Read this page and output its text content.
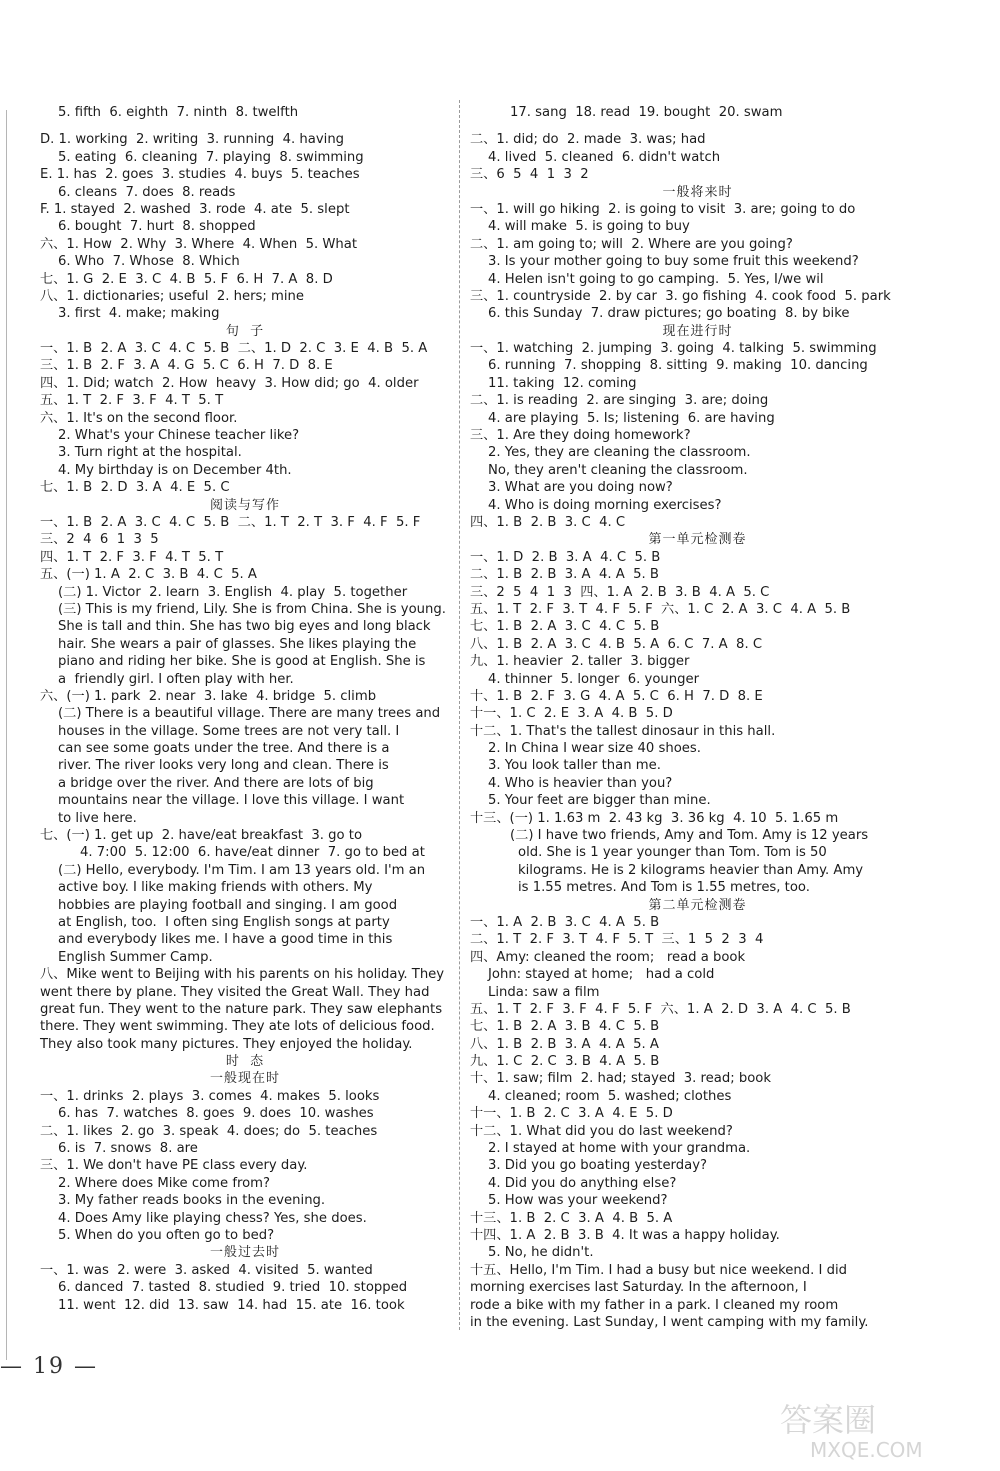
5. fifth  6. eighth  7. ninth  8. twelfth
D. 1. working  2. writing  3. running  4. having
5. eating  6. cleaning  7. playing  8. swimming
E. 1. has  2. goes  3. studies  4. buys  5. teaches
6. cleans  7. does  8. reads
F. 1. stayed  2. washed  3. rode  4. ate  5. slept
6. bought  7. hurt  8. shopped
六、1. How  2. Why  3. Where  4. When  5. What
6. Who  7. Whose  8. Which
七、1. G  2. E  3. C  4. B  5. F  6. H  7. A  8. D
八、1. dictionaries; useful  2. hers; mine
3. first  4. make; making
句  子
一、1. B  2. A  3. C  4. C  5. B  二、1. D  2. C  3. E  4. B  5. A
三、1. B  2. F  3. A  4. G  5. C  6. H  7. D  8. E
四、1. Did; watch  2. How  heavy  3. How did; go  4. older
五、1. T  2. F  3. F  4. T  5. T
六、1. It's on the second floor.
2. What's your Chinese teacher like?
3. Turn right at the hospital.
4. My birthday is on December 4th.
七、1. B  2. D  3. A  4. E  5. C
阅读与写作
一、1. B  2. A  3. C  4. C  5. B  二、1. T  2. T  3. F  4. F  5. F
三、2  4  6  1  3  5
四、1. T  2. F  3. F  4. T  5. T
五、(一) 1. A  2. C  3. B  4. C  5. A
(二) 1. Victor  2. learn  3. English  4. play  5. together
(三) This is my friend, Lily. She is from China. She is young.
She is tall and thin. She has two big eyes and long black
hair. She wears a pair of glasses. She likes playing the
piano and riding her bike. She is good at English. She is
a  friendly girl. I often play with her.
六、(一) 1. park  2. near  3. lake  4. bridge  5. climb
(二) There is a beautiful village. There are many trees and
houses in the village. Some trees are not very tall. I
can see some goats under the tree. And there is a
river. The river looks very long and clean. There is
a bridge over the river. And there are lots of big
mountains near the village. I love this village. I want
to live here.
七、(一) 1. get up  2. have/eat breakfast  3. go to
4. 7:00  5. 12:00  6. have/eat dinner  7. go to bed at
(二) Hello, everybody. I'm Tim. I am 13 years old. I'm an
active boy. I like making friends with others. My
hobbies are playing football and singing. I am good
at English, too.  I often sing English songs at party
and everybody likes me. I have a good time in this
English Summer Camp.
八、Mike went to Beijing with his parents on his holiday. They
went there by plane. They visited the Great Wall. They had
great fun. They went to the nature park. They saw elephants
there. They went swimming. They ate lots of delicious food.
They also took many pictures. They enjoyed the holiday.
时  态
一般现在时
一、1. drinks  2. plays  3. comes  4. makes  5. looks
6. has  7. watches  8. goes  9. does  10. washes
二、1. likes  2. go  3. speak  4. does; do  5. teaches
6. is  7. snows  8. are
三、1. We don't have PE class every day.
2. Where does Mike come from?
3. My father reads books in the evening.
4. Does Amy like playing chess? Yes, she does.
5. When do you often go to bed?
一般过去时
一、1. was  2. were  3. asked  4. visited  5. wanted
6. danced  7. tasted  8. studied  9. tried  10. stopped
11. went  12. did  13. saw  14. had  15. ate  16. took
17. sang  18. read  19. bought  20. swam
二、1. did; do  2. made  3. was; had
4. lived  5. cleaned  6. didn't watch
三、6  5  4  1  3  2
一般将来时
一、1. will go hiking  2. is going to visit  3. are; going to do
4. will make  5. is going to buy
二、1. am going to; will  2. Where are you going?
3. Is your mother going to buy some fruit this weekend?
4. Helen isn't going to go camping.  5. Yes, I/we wil
三、1. countryside  2. by car  3. go fishing  4. cook food  5. park
6. this Sunday  7. draw pictures; go boating  8. by bike
现在进行时
一、1. watching  2. jumping  3. going  4. talking  5. swimming
6. running  7. shopping  8. sitting  9. making  10. dancing
11. taking  12. coming
二、1. is reading  2. are singing  3. are; doing
4. are playing  5. Is; listening  6. are having
三、1. Are they doing homework?
2. Yes, they are cleaning the classroom.
No, they aren't cleaning the classroom.
3. What are you doing now?
4. Who is doing morning exercises?
四、1. B  2. B  3. C  4. C
第一单元检测卷
一、1. D  2. B  3. A  4. C  5. B
二、1. B  2. B  3. A  4. A  5. B
三、2  5  4  1  3  四、1. A  2. B  3. B  4. A  5. C
五、1. T  2. F  3. T  4. F  5. F  六、1. C  2. A  3. C  4. A  5. B
七、1. B  2. A  3. C  4. C  5. B
八、1. B  2. A  3. C  4. B  5. A  6. C  7. A  8. C
九、1. heavier  2. taller  3. bigger
4. thinner  5. longer  6. younger
十、1. B  2. F  3. G  4. A  5. C  6. H  7. D  8. E
十一、1. C  2. E  3. A  4. B  5. D
十二、1. That's the tallest dinosaur in this hall.
2. In China I wear size 40 shoes.
3. You look taller than me.
4. Who is heavier than you?
5. Your feet are bigger than mine.
十三、(一) 1. 1.63 m  2. 43 kg  3. 36 kg  4. 10  5. 1.65 m
(二) I have two friends, Amy and Tom. Amy is 12 years
old. She is 1 year younger than Tom. Tom is 50
kilograms. He is 2 kilograms heavier than Amy. Amy
is 1.55 metres. And Tom is 1.55 metres, too.
第二单元检测卷
一、1. A  2. B  3. C  4. A  5. B
二、1. T  2. F  3. T  4. F  5. T  三、1  5  2  3  4
四、Amy: cleaned the room;   read a book
John: stayed at home;   had a cold
Linda: saw a film
五、1. T  2. F  3. F  4. F  5. F  六、1. A  2. D  3. A  4. C  5. B
七、1. B  2. A  3. B  4. C  5. B
八、1. B  2. B  3. A  4. A  5. A
九、1. C  2. C  3. B  4. A  5. B
十、1. saw; film  2. had; stayed  3. read; book
4. cleaned; room  5. washed; clothes
十一、1. B  2. C  3. A  4. E  5. D
十二、1. What did you do last weekend?
2. I stayed at home with your grandma.
3. Did you go boating yesterday?
4. Did you do anything else?
5. How was your weekend?
十三、1. B  2. C  3. A  4. B  5. A
十四、1. A  2. B  3. B  4. It was a happy holiday.
5. No, he didn't.
十五、Hello, I'm Tim. I had a busy but nice weekend. I did
morning exercises last Saturday. In the afternoon, I
rode a bike with my father in a park. I cleaned my room
in the evening. Last Sunday, I went camping with my family.
— 19 —
答案圈
MXQE.COM
